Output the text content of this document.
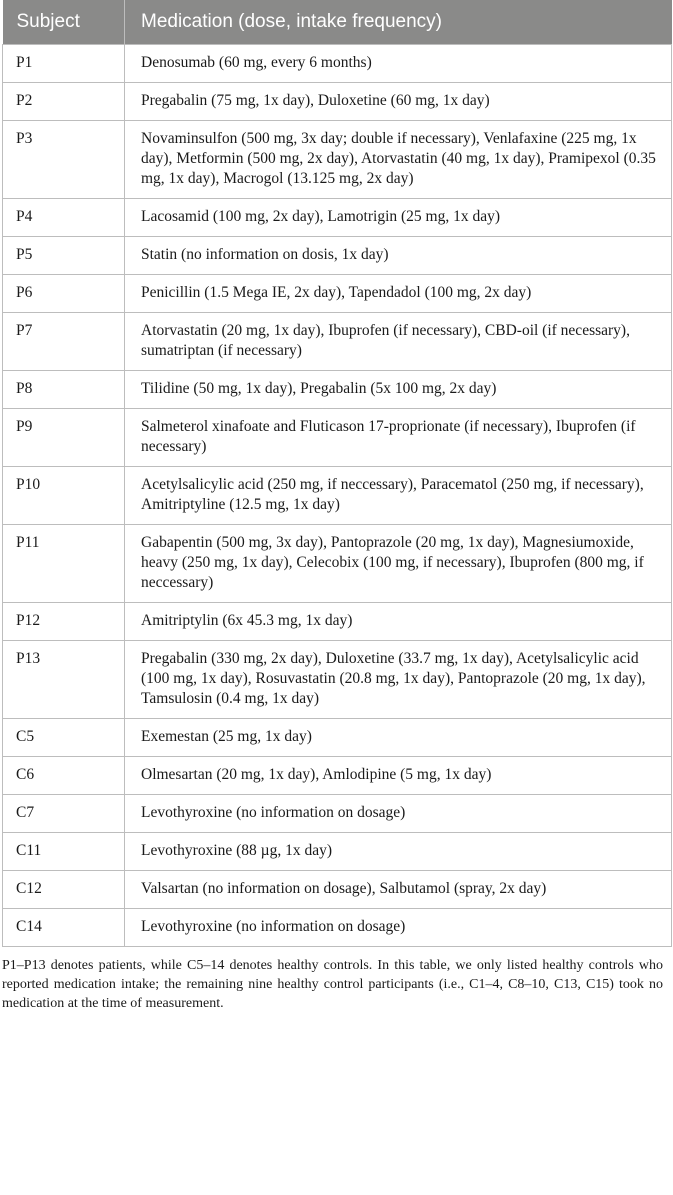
Subject	Medication (dose, intake frequency)
P1	Denosumab (60 mg, every 6 months)
P2	Pregabalin (75 mg, 1x day), Duloxetine (60 mg, 1x day)
P3	Novaminsulfon (500 mg, 3x day; double if necessary), Venlafaxine (225 mg, 1x day), Metformin (500 mg, 2x day), Atorvastatin (40 mg, 1x day), Pramipexol (0.35 mg, 1x day), Macrogol (13.125 mg, 2x day)
P4	Lacosamid (100 mg, 2x day), Lamotrigin (25 mg, 1x day)
P5	Statin (no information on dosis, 1x day)
P6	Penicillin (1.5 Mega IE, 2x day), Tapendadol (100 mg, 2x day)
P7	Atorvastatin (20 mg, 1x day), Ibuprofen (if necessary), CBD-oil (if necessary), sumatriptan (if necessary)
P8	Tilidine (50 mg, 1x day), Pregabalin (5x 100 mg, 2x day)
P9	Salmeterol xinafoate and Fluticason 17-proprionate (if necessary), Ibuprofen (if necessary)
P10	Acetylsalicylic acid (250 mg, if neccessary), Paracematol (250 mg, if necessary), Amitriptyline (12.5 mg, 1x day)
P11	Gabapentin (500 mg, 3x day), Pantoprazole (20 mg, 1x day), Magnesiumoxide, heavy (250 mg, 1x day), Celecobix (100 mg, if necessary), Ibuprofen (800 mg, if neccessary)
P12	Amitriptylin (6x 45.3 mg, 1x day)
P13	Pregabalin (330 mg, 2x day), Duloxetine (33.7 mg, 1x day), Acetylsalicylic acid (100 mg, 1x day), Rosuvastatin (20.8 mg, 1x day), Pantoprazole (20 mg, 1x day), Tamsulosin (0.4 mg, 1x day)
C5	Exemestan (25 mg, 1x day)
C6	Olmesartan (20 mg, 1x day), Amlodipine (5 mg, 1x day)
C7	Levothyroxine (no information on dosage)
C11	Levothyroxine (88 µg, 1x day)
C12	Valsartan (no information on dosage), Salbutamol (spray, 2x day)
C14	Levothyroxine (no information on dosage)

P1–P13 denotes patients, while C5–14 denotes healthy controls. In this table, we only listed healthy controls who reported medication intake; the remaining nine healthy control participants (i.e., C1–4, C8–10, C13, C15) took no medication at the time of measurement.
